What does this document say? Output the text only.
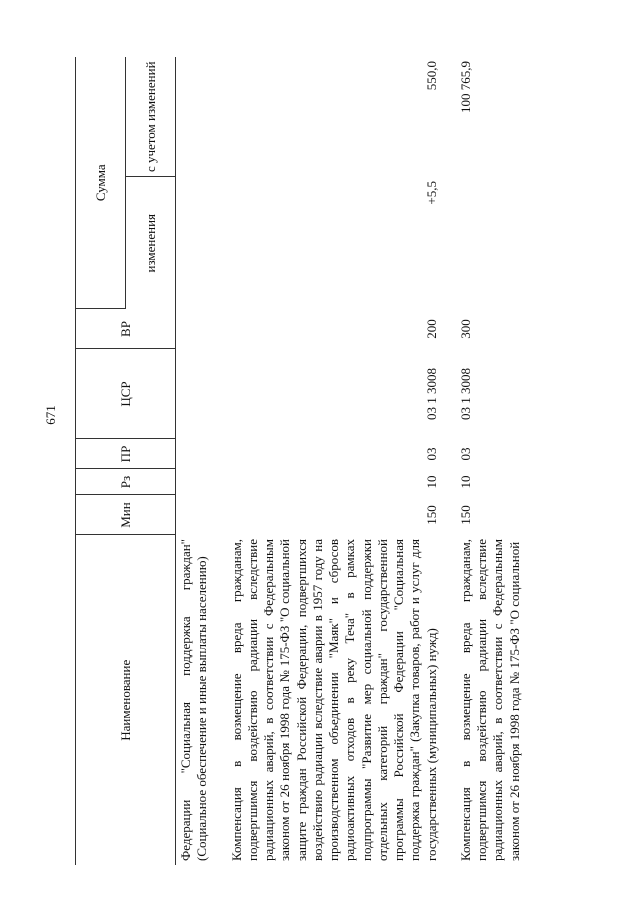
671
Наименование	Мин	Рз	ПР	ЦСР	ВР	Сумма	
						изменения	с учетом изменений
Федерации "Социальная поддержка граждан" (Социальное обеспечение и иные выплаты населению)							

Компенсация в возмещение вреда гражданам, подвергшимся воздействию радиации вследствие радиационных аварий, в соответствии с Федеральным законом от 26 ноября 1998 года № 175-ФЗ "О социальной защите граждан Российской Федерации, подвергшихся воздействию радиации вследствие аварии в 1957 году на производственном объединении "Маяк" и сбросов радиоактивных отходов в реку Теча" в рамках подпрограммы "Развитие мер социальной поддержки отдельных категорий граждан" государственной программы Российской Федерации "Социальная поддержка граждан" (Закупка товаров, работ и услуг для государственных (муниципальных) нужд)	150	10	03	03 1 3008	200	+5,5	550,0

Компенсация в возмещение вреда гражданам, подвергшимся воздействию радиации вследствие радиационных аварий, в соответствии с Федеральным законом от 26 ноября 1998 года № 175-ФЗ "О социальной	150	10	03	03 1 3008	300		100 765,9
